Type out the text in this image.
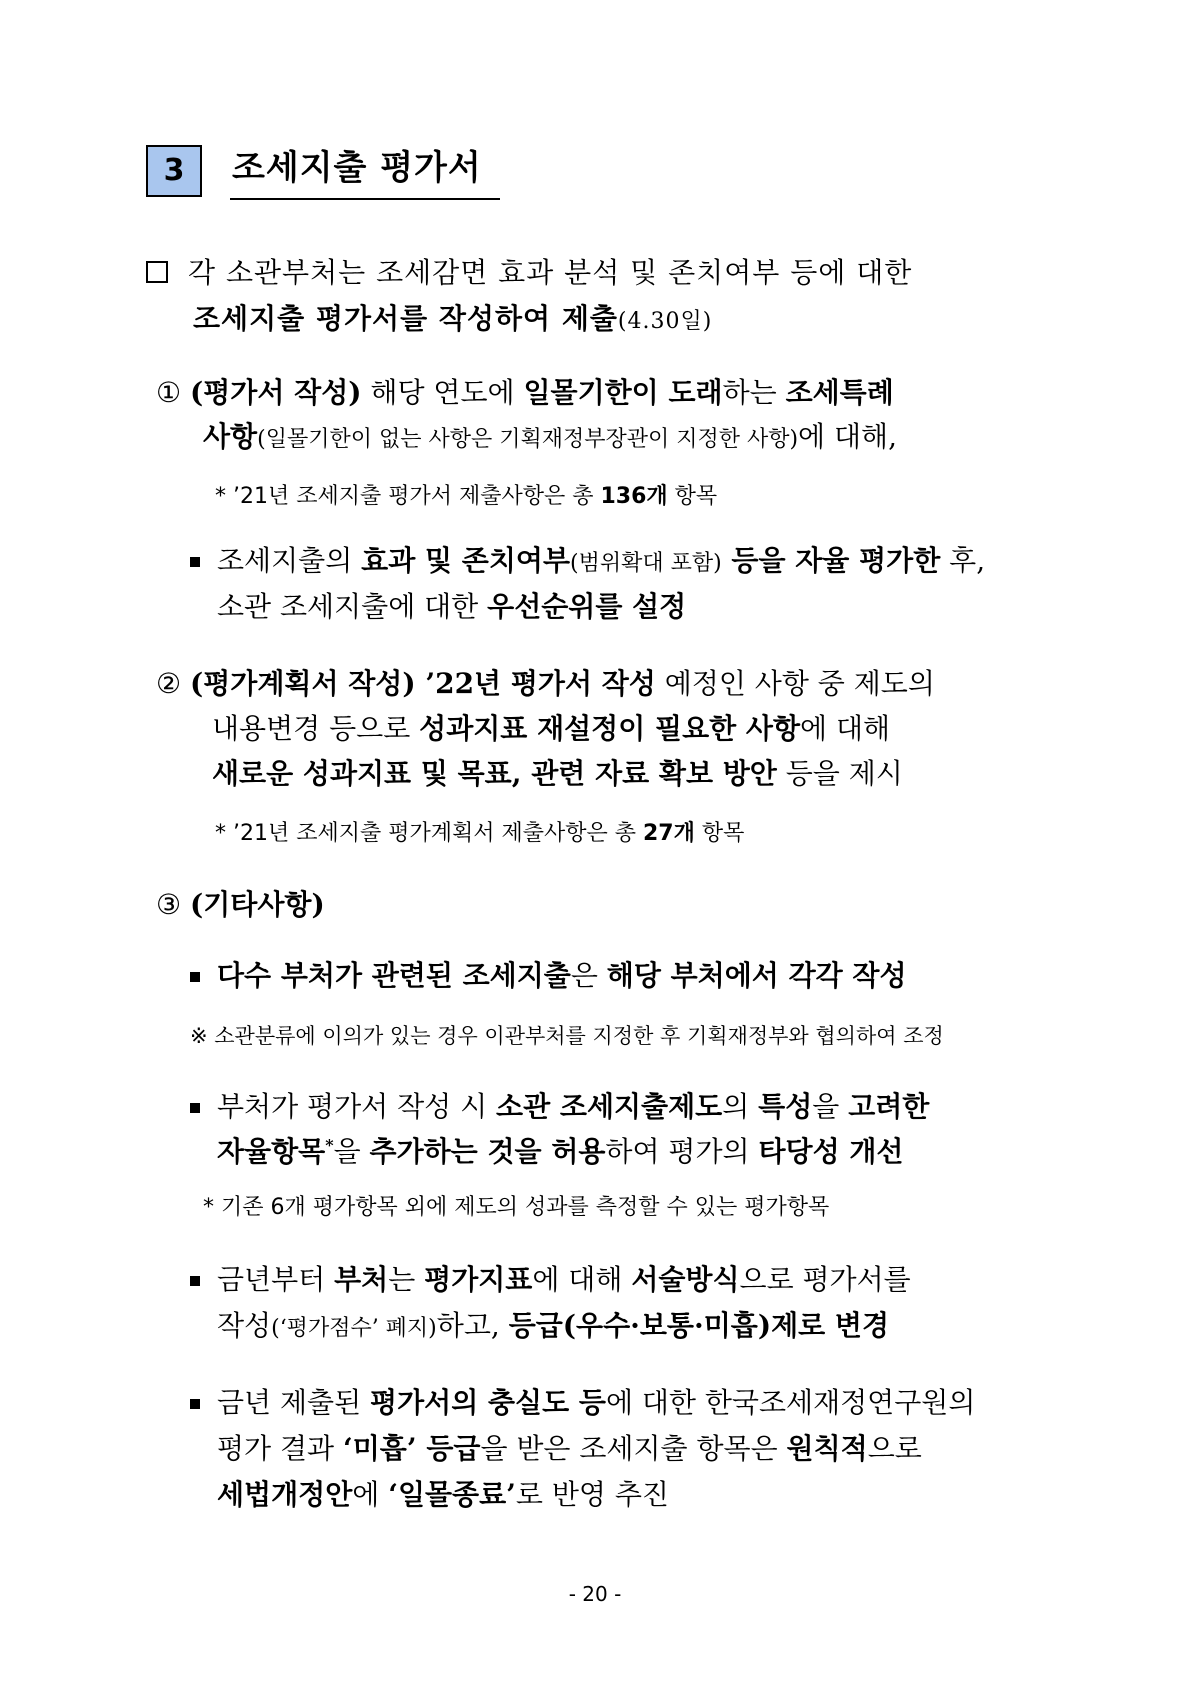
3	조세지출 평가서
각 소관부처는 조세감면 효과 분석 및 존치여부 등에 대한
조세지출 평가서를 작성하여 제출(4.30일)
① (평가서 작성) 해당 연도에 일몰기한이 도래하는 조세특례
사항(일몰기한이 없는 사항은 기획재정부장관이 지정한 사항)에 대해,
* ’21년 조세지출 평가서 제출사항은 총 136개 항목
조세지출의 효과 및 존치여부(범위확대 포함) 등을 자율 평가한 후,
소관 조세지출에 대한 우선순위를 설정
② (평가계획서 작성) ’22년 평가서 작성 예정인 사항 중 제도의
내용변경 등으로 성과지표 재설정이 필요한 사항에 대해
새로운 성과지표 및 목표, 관련 자료 확보 방안 등을 제시
* ’21년 조세지출 평가계획서 제출사항은 총 27개 항목
③ (기타사항)
다수 부처가 관련된 조세지출은 해당 부처에서 각각 작성
※ 소관분류에 이의가 있는 경우 이관부처를 지정한 후 기획재정부와 협의하여 조정
부처가 평가서 작성 시 소관 조세지출제도의 특성을 고려한
자율항목*을 추가하는 것을 허용하여 평가의 타당성 개선
* 기존 6개 평가항목 외에 제도의 성과를 측정할 수 있는 평가항목
금년부터 부처는 평가지표에 대해 서술방식으로 평가서를
작성(‘평가점수’ 폐지)하고, 등급(우수·보통·미흡)제로 변경
금년 제출된 평가서의 충실도 등에 대한 한국조세재정연구원의
평가 결과 ‘미흡’ 등급을 받은 조세지출 항목은 원칙적으로
세법개정안에 ‘일몰종료’로 반영 추진
- 20 -
